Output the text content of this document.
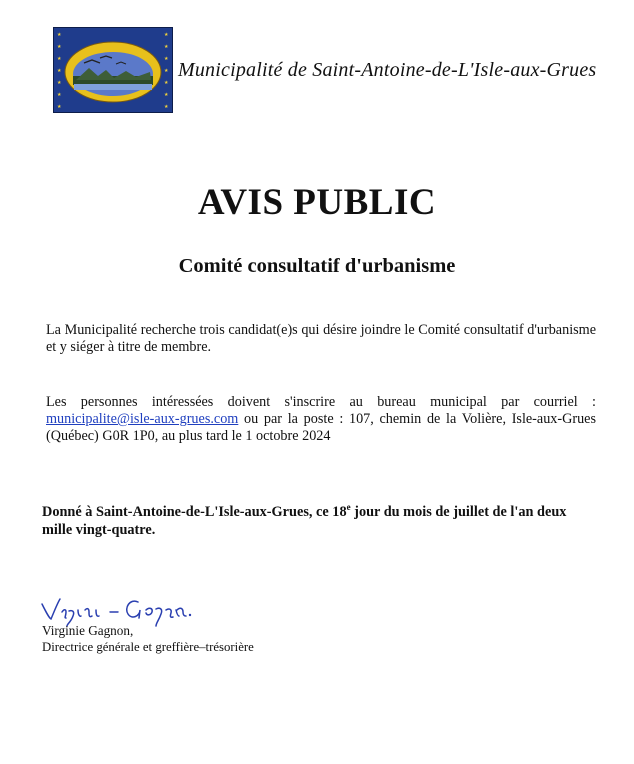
★
★
★
★
★
★
★
★
★
★
★
★
★
★
Municipalité de Saint-Antoine-de-L'Isle-aux-Grues
AVIS PUBLIC
Comité consultatif d'urbanisme
La Municipalité recherche trois candidat(e)s qui désire joindre le Comité consultatif d'urbanisme et y siéger à titre de membre.
Les personnes intéressées doivent s'inscrire au bureau municipal par courriel : municipalite@isle-aux-grues.com ou par la poste : 107, chemin de la Volière, Isle-aux-Grues (Québec) G0R 1P0, au plus tard le 1 octobre 2024
Donné à Saint-Antoine-de-L'Isle-aux-Grues, ce 18e jour du mois de juillet de l'an deux mille vingt-quatre.
Virginie Gagnon,
Directrice générale et greffière–trésorière
